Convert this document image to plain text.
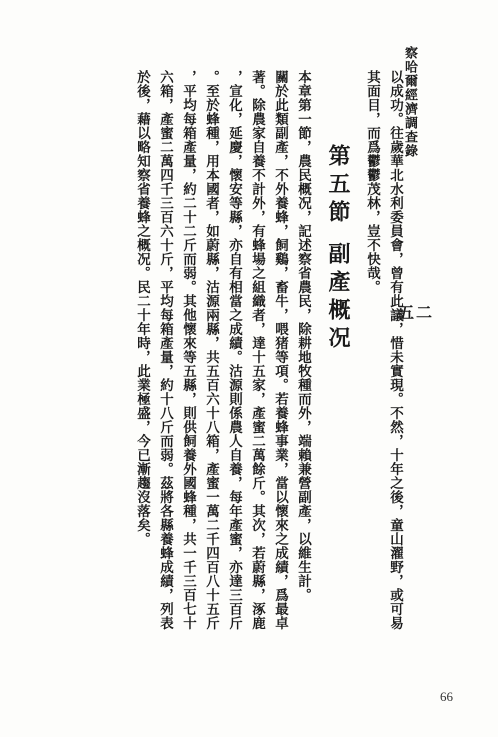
察哈爾經濟調查錄
五二
以成功。往歲華北水利委員會，曾有此議，惜未實現。不然，十年之後，童山濯野，或可易
其面目，而爲鬱鬱茂林，豈不快哉。
第五節副產概况
本章第一節，農民概况，記述察省農民，除耕地牧種而外，端賴兼營副產，以維生計。
關於此類副產，不外養蜂，飼鷄，畜牛，喂猪等項。若養蜂事業，當以懷來之成績，爲最卓
著。除農家自養不計外，有蜂場之組織者，達十五家，產蜜二萬餘斤。其次，若蔚縣，涿鹿
，宣化，延慶，懷安等縣，亦自有相當之成績。沽源則係農人自養，每年產蜜，亦達三百斤
。至於蜂種，用本國者，如蔚縣，沽源兩縣，共五百六十八箱，產蜜一萬二千四百八十五斤
，平均每箱產量，約二十二斤而弱。其他懷來等五縣，則供飼養外國蜂種，共一千三百七十
六箱，產蜜二萬四千三百六十斤，平均每箱產量，約十八斤而弱。茲將各縣養蜂成績，列表
於後，藉以略知察省養蜂之概况。民二十年時，此業極盛，今已漸趨沒落矣。
66
